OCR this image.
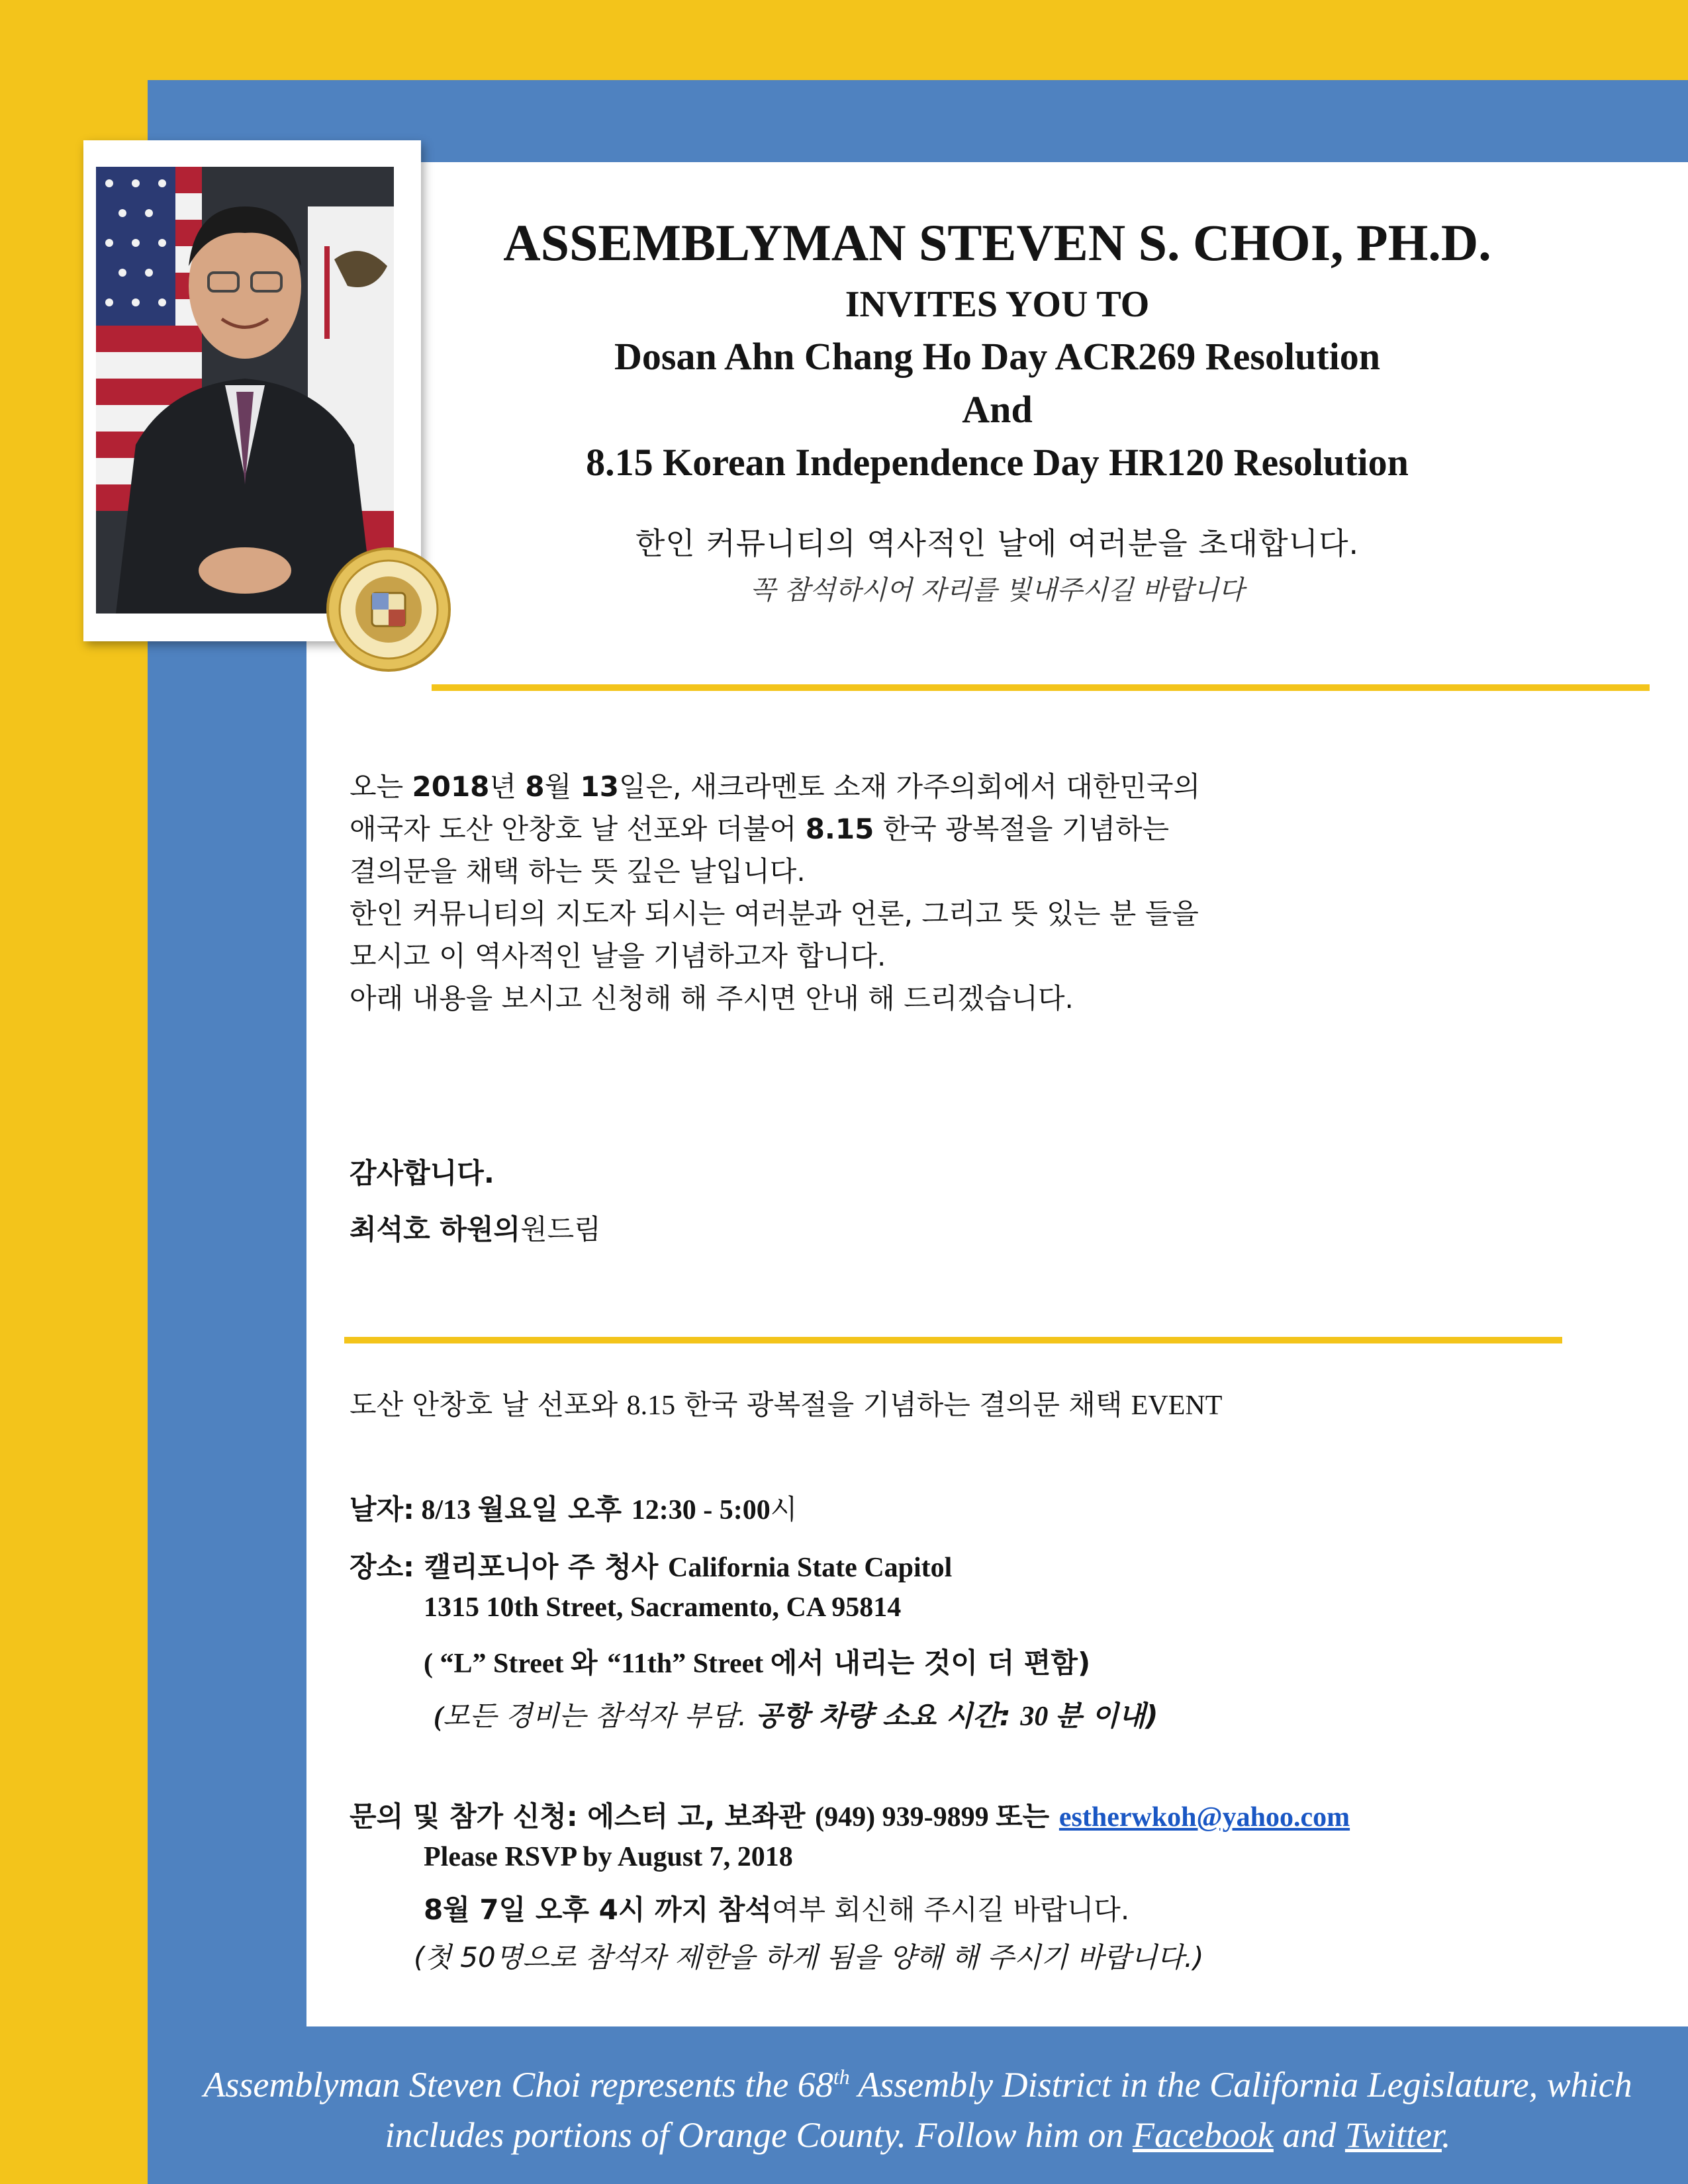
ASSEMBLYMAN STEVEN S. CHOI, PH.D.
INVITES YOU TO
Dosan Ahn Chang Ho Day ACR269 Resolution
And
8.15 Korean Independence Day HR120 Resolution
한인 커뮤니티의 역사적인 날에 여러분을 초대합니다.
꼭 참석하시어 자리를 빛내주시길 바랍니다
오는 2018년 8월 13일은, 새크라멘토 소재 가주의회에서 대한민국의
애국자 도산 안창호 날 선포와 더불어 8.15 한국 광복절을 기념하는
결의문을 채택 하는 뜻 깊은 날입니다.
한인 커뮤니티의 지도자 되시는 여러분과 언론, 그리고 뜻 있는 분 들을
모시고 이 역사적인 날을 기념하고자 합니다.
아래 내용을 보시고 신청해 해 주시면 안내 해 드리겠습니다.
감사합니다.
최석호 하원의원드림
도산 안창호 날 선포와 8.15 한국 광복절을 기념하는 결의문 채택 EVENT
날자: 8/13 월요일 오후 12:30 - 5:00시
장소: 캘리포니아 주 청사 California State Capitol
1315 10th Street, Sacramento, CA 95814
( “L” Street 와 “11th” Street 에서 내리는 것이 더 편함)
(모든 경비는 참석자 부담. 공항 차량 소요 시간: 30 분 이내)
문의 및 참가 신청: 에스터 고, 보좌관 (949) 939-9899 또는 estherwkoh@yahoo.com
Please RSVP by August 7, 2018
8월 7일 오후 4시 까지 참석여부 회신해 주시길 바랍니다.
(첫 50명으로 참석자 제한을 하게 됨을 양해 해 주시기 바랍니다.)
Assemblyman Steven Choi represents the 68th Assembly District in the California Legislature, which
includes portions of Orange County. Follow him on Facebook and Twitter.
